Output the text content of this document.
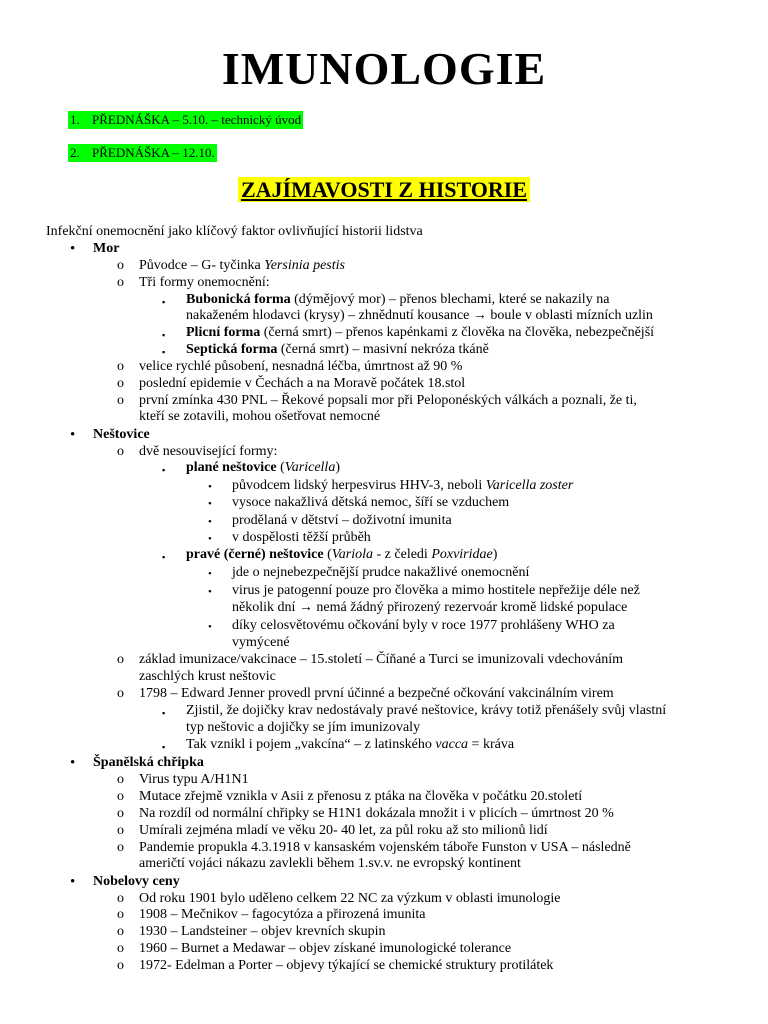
IMUNOLOGIE
1. PŘEDNÁŠKA – 5.10. – technický úvod
2. PŘEDNÁŠKA – 12.10.
ZAJÍMAVOSTI Z HISTORIE
Infekční onemocnění jako klíčový faktor ovlivňující historii lidstva
• Mor
o Původce – G- tyčinka Yersinia pestis
o Tři formy onemocnění:
▪ Bubonická forma (dýmějový mor) – přenos blechami, které se nakazily na
nakaženém hlodavci (krysy) – zhnědnutí kousance → boule v oblasti mízních uzlin
▪ Plicní forma (černá smrt) – přenos kapénkami z člověka na člověka, nebezpečnější
▪ Septická forma (černá smrt) – masivní nekróza tkáně
o velice rychlé působení, nesnadná léčba, úmrtnost až 90 %
o poslední epidemie v Čechách a na Moravě počátek 18.stol
o první zmínka 430 PNL – Řekové popsali mor při Peloponéských válkách a poznali, že ti,
kteří se zotavili, mohou ošetřovat nemocné
• Neštovice
o dvě nesouvisející formy:
▪ plané neštovice (Varicella)
• původcem lidský herpesvirus HHV-3, neboli Varicella zoster
• vysoce nakažlivá dětská nemoc, šíří se vzduchem
• prodělaná v dětství – doživotní imunita
• v dospělosti těžší průběh
▪ pravé (černé) neštovice (Variola - z čeledi Poxviridae)
• jde o nejnebezpečnější prudce nakažlivé onemocnění
• virus je patogenní pouze pro člověka a mimo hostitele nepřežije déle než
několik dní → nemá žádný přirozený rezervoár kromě lidské populace
• díky celosvětovému očkování byly v roce 1977 prohlášeny WHO za
vymýcené
o základ imunizace/vakcinace – 15.století – Číňané a Turci se imunizovali vdechováním
zaschlých krust neštovic
o 1798 – Edward Jenner provedl první účinné a bezpečné očkování vakcinálním virem
▪ Zjistil, že dojičky krav nedostávaly pravé neštovice, krávy totiž přenášely svůj vlastní
typ neštovic a dojičky se jím imunizovaly
▪ Tak vznikl i pojem „vakcína“ – z latinského vacca = kráva
• Španělská chřipka
o Virus typu A/H1N1
o Mutace zřejmě vznikla v Asii z přenosu z ptáka na člověka v počátku 20.století
o Na rozdíl od normální chřipky se H1N1 dokázala množit i v plicích – úmrtnost 20 %
o Umírali zejména mladí ve věku 20- 40 let, za půl roku až sto milionů lidí
o Pandemie propukla 4.3.1918 v kansaském vojenském táboře Funston v USA – následně
američtí vojáci nákazu zavlekli během 1.sv.v. ne evropský kontinent
• Nobelovy ceny
o Od roku 1901 bylo uděleno celkem 22 NC za výzkum v oblasti imunologie
o 1908 – Mečnikov – fagocytóza a přirozená imunita
o 1930 – Landsteiner – objev krevních skupin
o 1960 – Burnet a Medawar – objev získané imunologické tolerance
o 1972- Edelman a Porter – objevy týkající se chemické struktury protilátek
